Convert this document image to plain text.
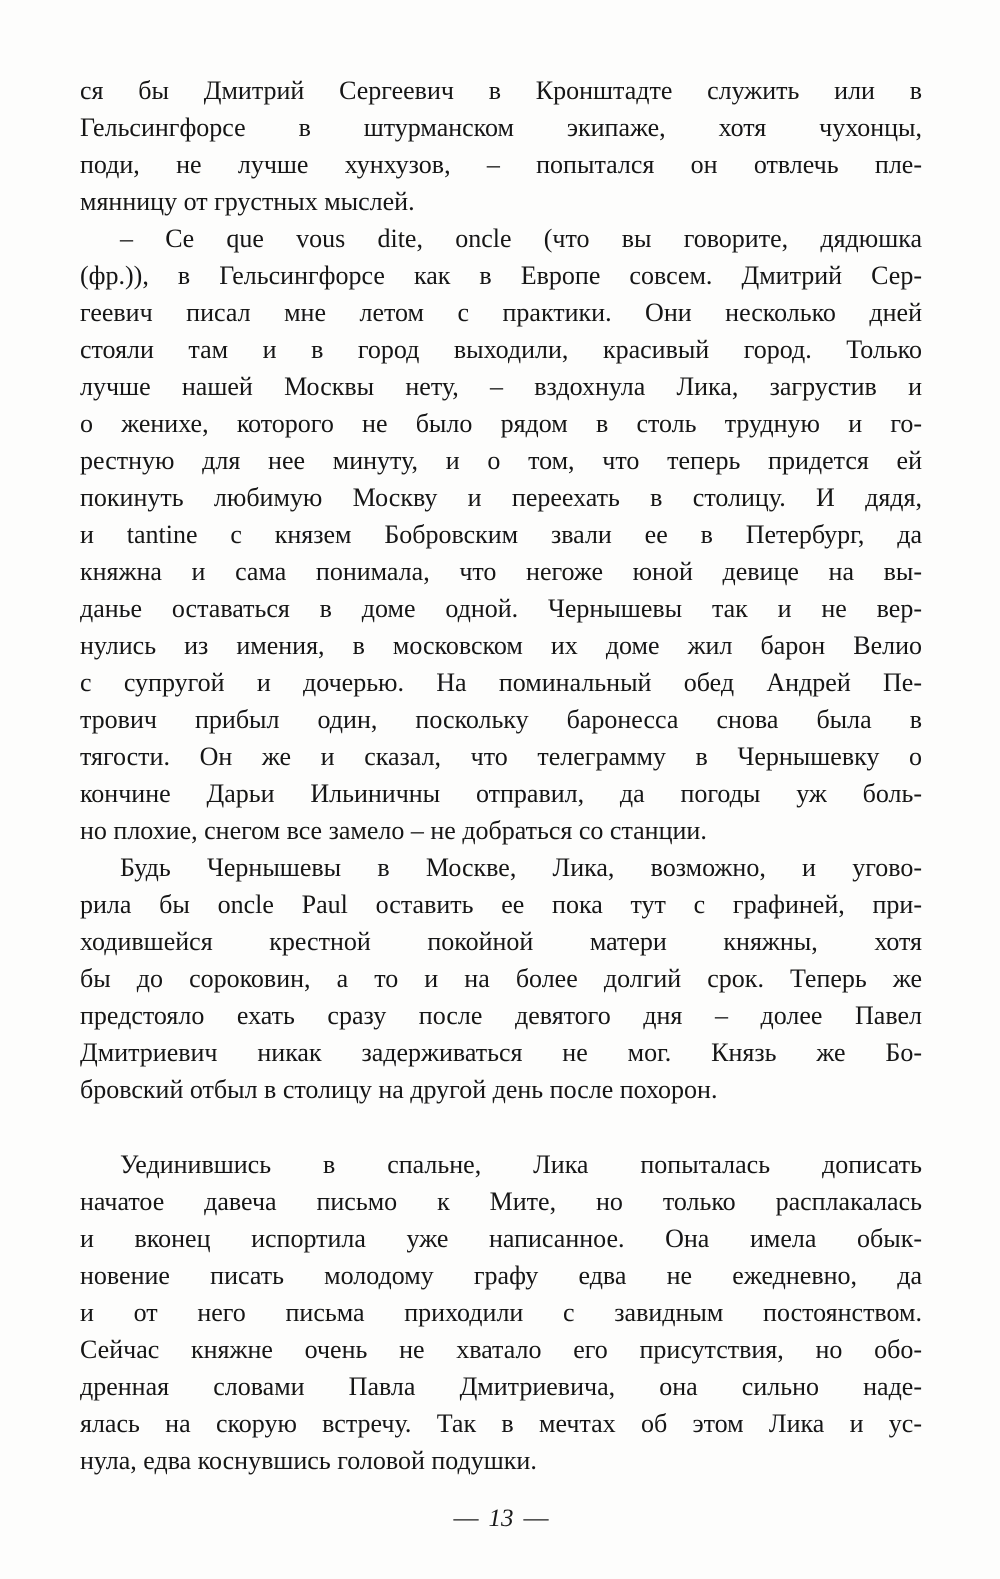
ся бы Дмитрий Сергеевич в Кронштадте служить или в
Гельсингфорсе в штурманском экипаже, хотя чухонцы,
поди, не лучше хунхузов, – попытался он отвлечь пле-
мянницу от грустных мыслей.
– Ce que vous dite, oncle (что вы говорите, дядюшка
(фр.)), в Гельсингфорсе как в Европе совсем. Дмитрий Сер-
геевич писал мне летом с практики. Они несколько дней
стояли там и в город выходили, красивый город. Только
лучше нашей Москвы нету, – вздохнула Лика, загрустив и
о женихе, которого не было рядом в столь трудную и го-
рестную для нее минуту, и о том, что теперь придется ей
покинуть любимую Москву и переехать в столицу. И дядя,
и tantine с князем Бобровским звали ее в Петербург, да
княжна и сама понимала, что негоже юной девице на вы-
данье оставаться в доме одной. Чернышевы так и не вер-
нулись из имения, в московском их доме жил барон Велио
с супругой и дочерью. На поминальный обед Андрей Пе-
трович прибыл один, поскольку баронесса снова была в
тягости. Он же и сказал, что телеграмму в Чернышевку о
кончине Дарьи Ильиничны отправил, да погоды уж боль-
но плохие, снегом все замело – не добраться со станции.
Будь Чернышевы в Москве, Лика, возможно, и угово-
рила бы oncle Paul оставить ее пока тут с графиней, при-
ходившейся крестной покойной матери княжны, хотя
бы до сороковин, а то и на более долгий срок. Теперь же
предстояло ехать сразу после девятого дня – долее Павел
Дмитриевич никак задерживаться не мог. Князь же Бо-
бровский отбыл в столицу на другой день после похорон.
Уединившись в спальне, Лика попыталась дописать
начатое давеча письмо к Мите, но только расплакалась
и вконец испортила уже написанное. Она имела обык-
новение писать молодому графу едва не ежедневно, да
и от него письма приходили с завидным постоянством.
Сейчас княжне очень не хватало его присутствия, но обо-
дренная словами Павла Дмитриевича, она сильно наде-
ялась на скорую встречу. Так в мечтах об этом Лика и ус-
нула, едва коснувшись головой подушки.
— 13 —
